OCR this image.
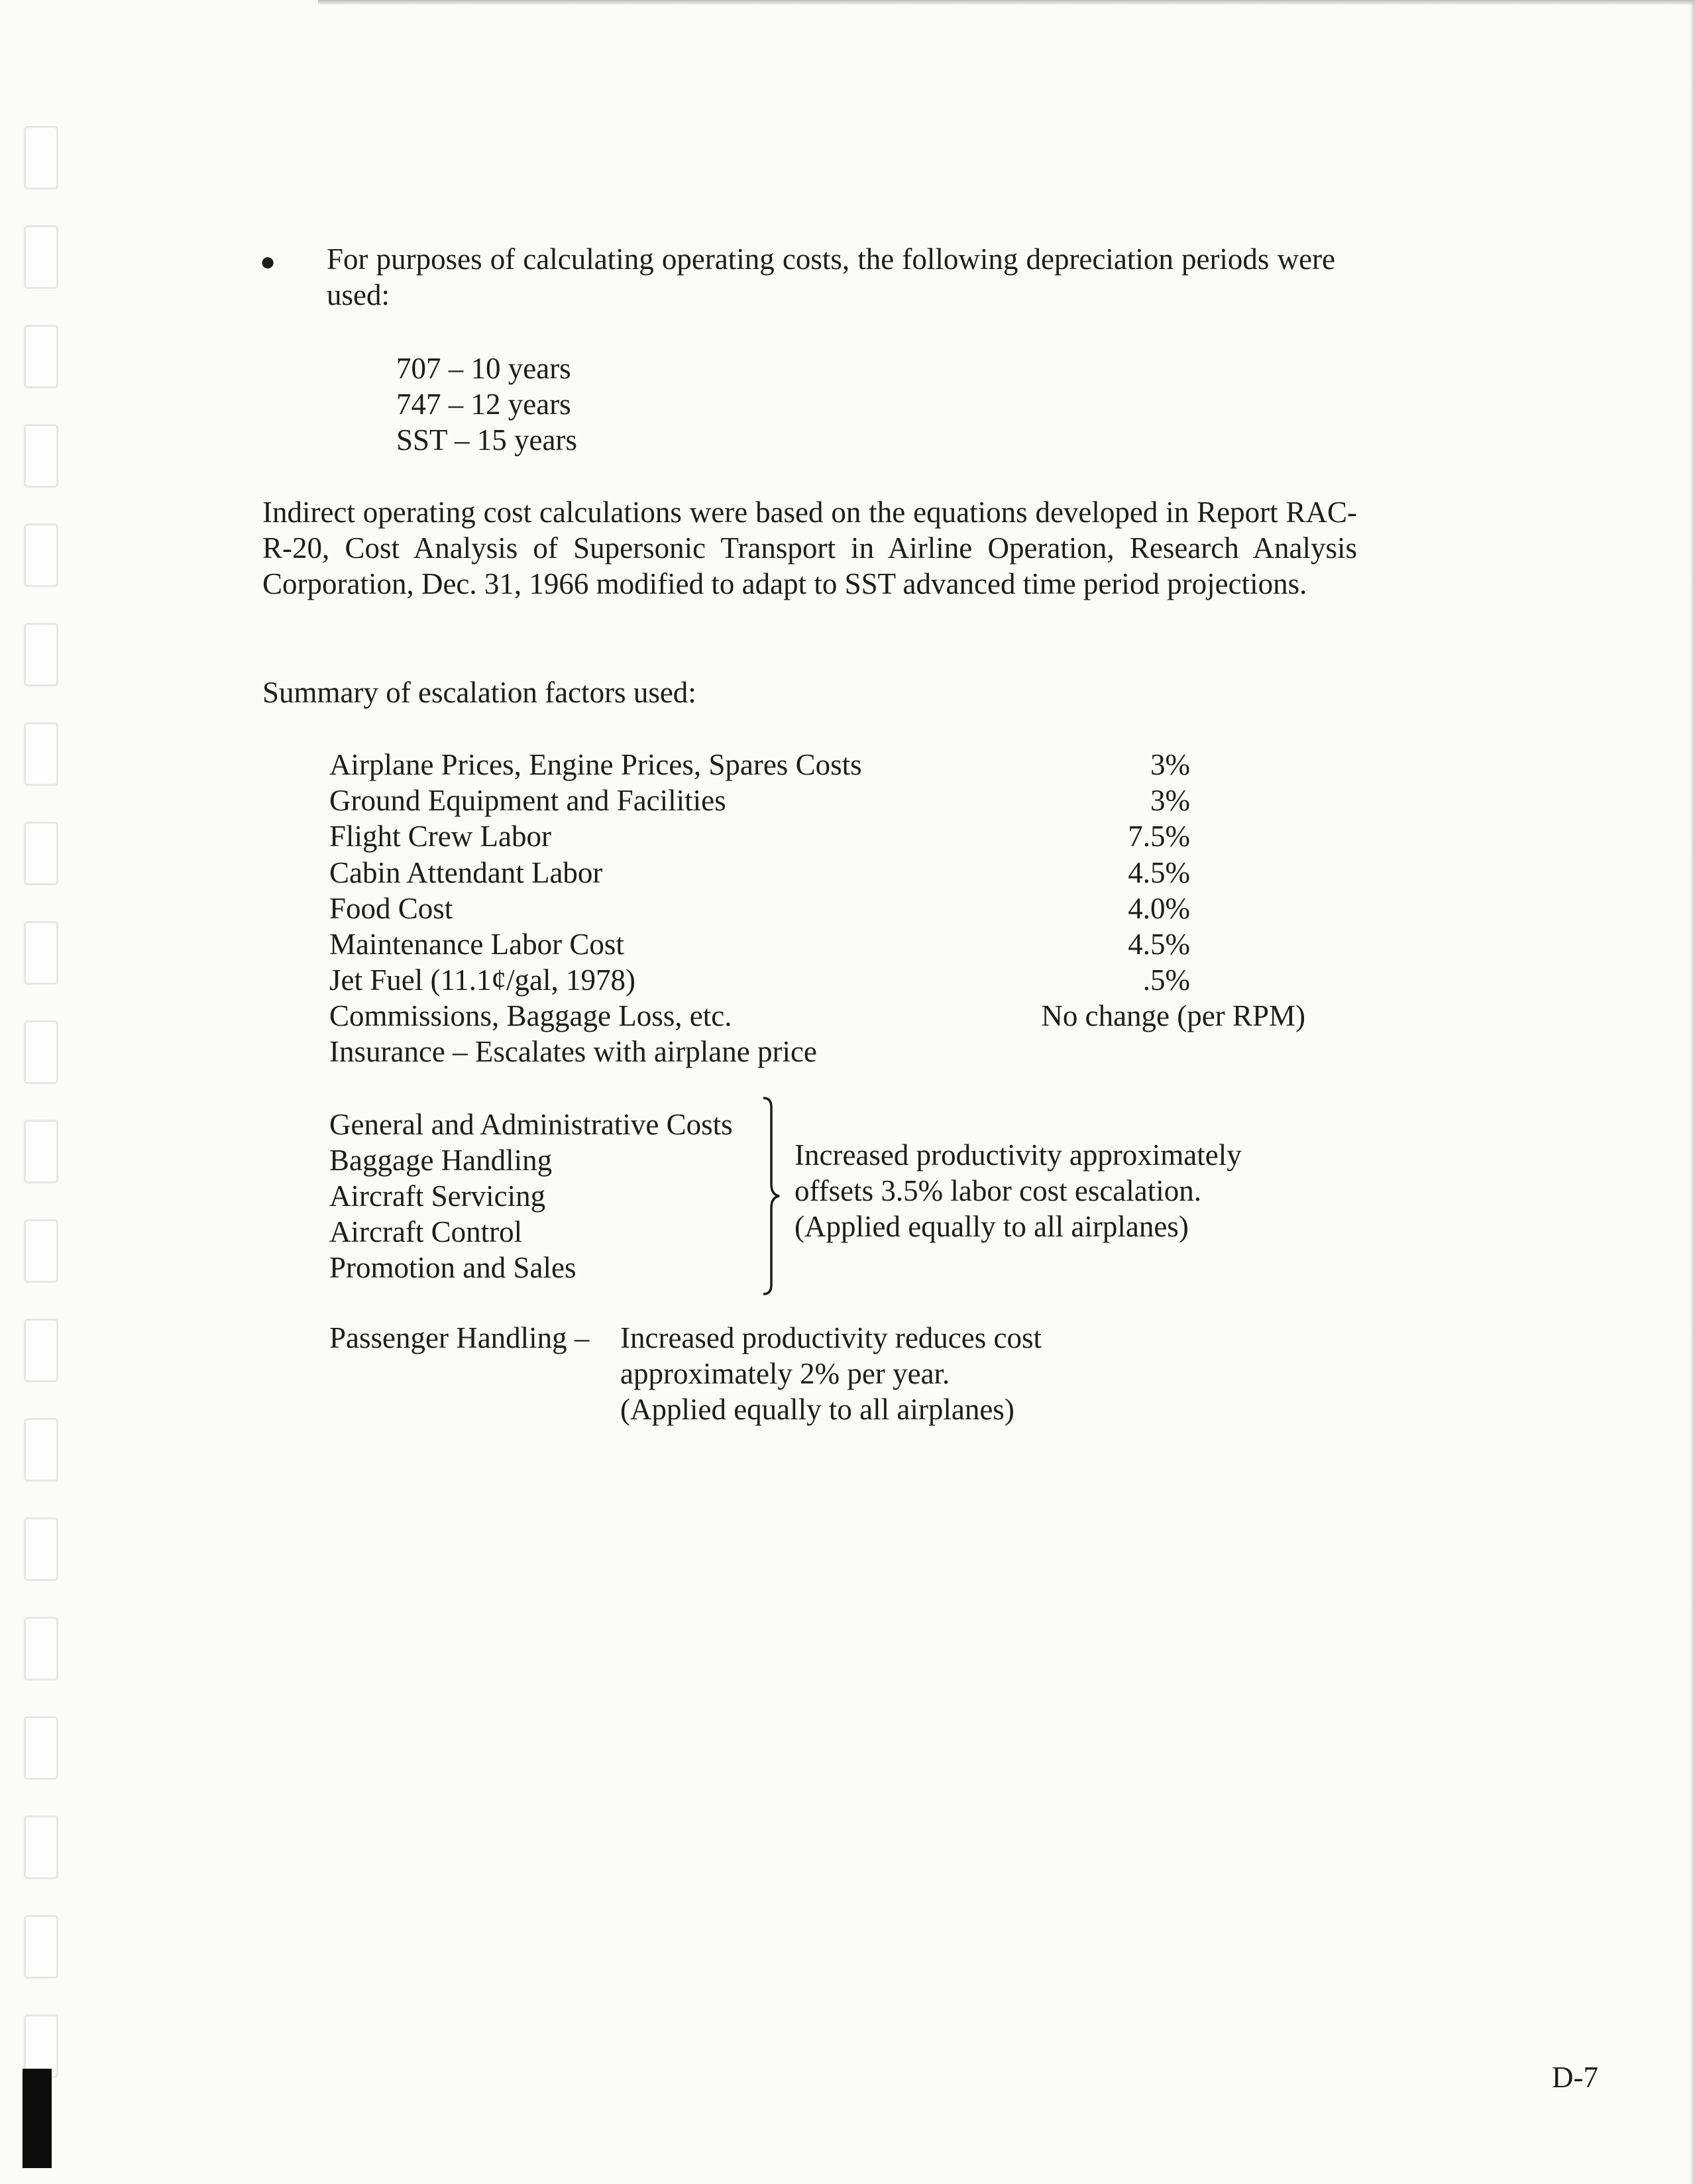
● For purposes of calculating operating costs, the following depreciation periods were used:
707 – 10 years
747 – 12 years
SST – 15 years
Indirect operating cost calculations were based on the equations developed in Report RAC-R-20, Cost Analysis of Supersonic Transport in Airline Operation, Research Analysis Corporation, Dec. 31, 1966 modified to adapt to SST advanced time period projections.
Summary of escalation factors used:
Airplane Prices, Engine Prices, Spares Costs	3%
Ground Equipment and Facilities	3%
Flight Crew Labor	7.5%
Cabin Attendant Labor	4.5%
Food Cost	4.0%
Maintenance Labor Cost	4.5%
Jet Fuel (11.1¢/gal, 1978)	.5%
Commissions, Baggage Loss, etc.	No change (per RPM)
Insurance – Escalates with airplane price
General and Administrative Costs
Baggage Handling
Aircraft Servicing
Aircraft Control
Promotion and Sales
Increased productivity approximately
offsets 3.5% labor cost escalation.
(Applied equally to all airplanes)
Passenger Handling – Increased productivity reduces cost
approximately 2% per year.
(Applied equally to all airplanes)
D-7
